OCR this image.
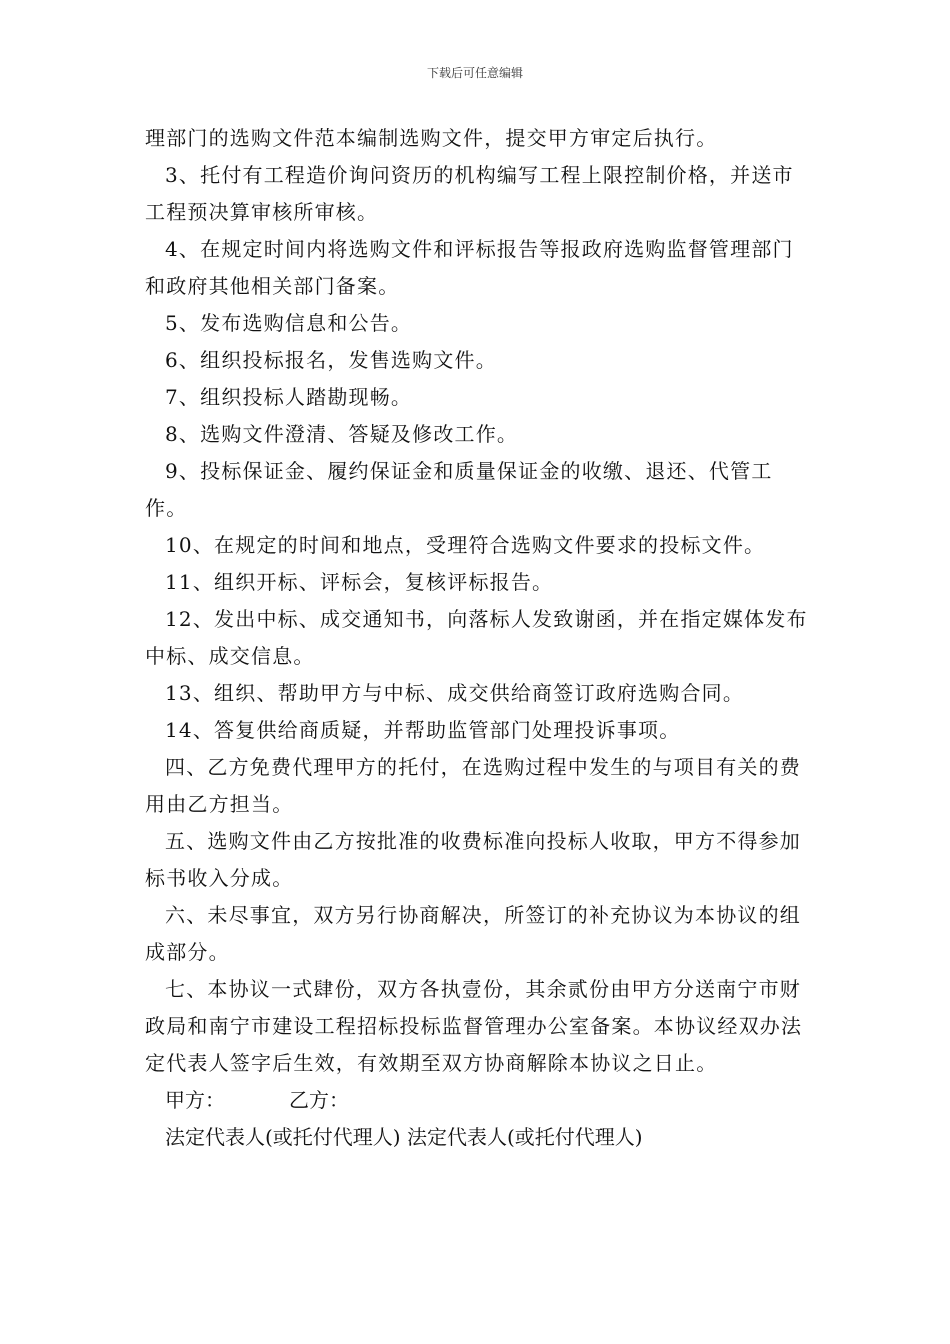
下载后可任意编辑

理部门的选购文件范本编制选购文件，提交甲方审定后执行。

3、托付有工程造价询问资历的机构编写工程上限控制价格，并送市工程预决算审核所审核。

4、在规定时间内将选购文件和评标报告等报政府选购监督管理部门和政府其他相关部门备案。

5、发布选购信息和公告。

6、组织投标报名，发售选购文件。

7、组织投标人踏勘现畅。

8、选购文件澄清、答疑及修改工作。

9、投标保证金、履约保证金和质量保证金的收缴、退还、代管工作。

10、在规定的时间和地点，受理符合选购文件要求的投标文件。

11、组织开标、评标会，复核评标报告。

12、发出中标、成交通知书，向落标人发致谢函，并在指定媒体发布中标、成交信息。

13、组织、帮助甲方与中标、成交供给商签订政府选购合同。

14、答复供给商质疑，并帮助监管部门处理投诉事项。

四、乙方免费代理甲方的托付，在选购过程中发生的与项目有关的费用由乙方担当。

五、选购文件由乙方按批准的收费标准向投标人收取，甲方不得参加标书收入分成。

六、未尽事宜，双方另行协商解决，所签订的补充协议为本协议的组成部分。

七、本协议一式肆份，双方各执壹份，其余贰份由甲方分送南宁市财政局和南宁市建设工程招标投标监督管理办公室备案。本协议经双办法定代表人签字后生效，有效期至双方协商解除本协议之日止。

甲方：	乙方：
法定代表人(或托付代理人) 法定代表人(或托付代理人)
